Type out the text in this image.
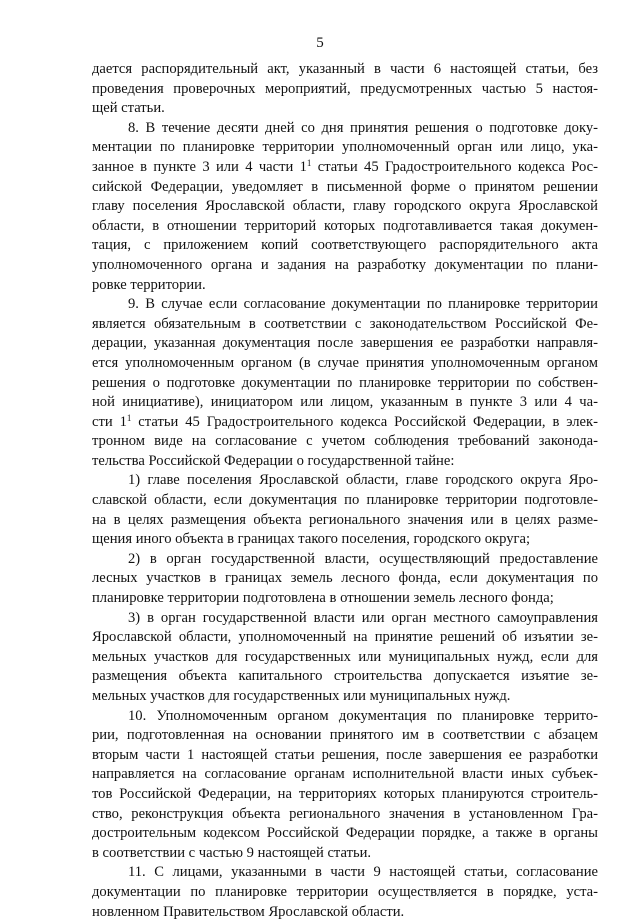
5
дается распорядительный акт, указанный в части 6 настоящей статьи, без
проведения проверочных мероприятий, предусмотренных частью 5 настоя-
щей статьи.
8. В течение десяти дней со дня принятия решения о подготовке доку-
ментации по планировке территории уполномоченный орган или лицо, ука-
занное в пункте 3 или 4 части $1^1$ статьи 45 Градостроительного кодекса Рос-
сийской Федерации, уведомляет в письменной форме о принятом решении
главу поселения Ярославской области, главу городского округа Ярославской
области, в отношении территорий которых подготавливается такая докумен-
тация, с приложением копий соответствующего распорядительного акта
уполномоченного органа и задания на разработку документации по плани-
ровке территории.
9. В случае если согласование документации по планировке территории
является обязательным в соответствии с законодательством Российской Фе-
дерации, указанная документация после завершения ее разработки направля-
ется уполномоченным органом (в случае принятия уполномоченным органом
решения о подготовке документации по планировке территории по собствен-
ной инициативе), инициатором или лицом, указанным в пункте 3 или 4 ча-
сти $1^1$ статьи 45 Градостроительного кодекса Российской Федерации, в элек-
тронном виде на согласование с учетом соблюдения требований законода-
тельства Российской Федерации о государственной тайне:
1) главе поселения Ярославской области, главе городского округа Яро-
славской области, если документация по планировке территории подготовле-
на в целях размещения объекта регионального значения или в целях разме-
щения иного объекта в границах такого поселения, городского округа;
2) в орган государственной власти, осуществляющий предоставление
лесных участков в границах земель лесного фонда, если документация по
планировке территории подготовлена в отношении земель лесного фонда;
3) в орган государственной власти или орган местного самоуправления
Ярославской области, уполномоченный на принятие решений об изъятии зе-
мельных участков для государственных или муниципальных нужд, если для
размещения объекта капитального строительства допускается изъятие зе-
мельных участков для государственных или муниципальных нужд.
10. Уполномоченным органом документация по планировке террито-
рии, подготовленная на основании принятого им в соответствии с абзацем
вторым части 1 настоящей статьи решения, после завершения ее разработки
направляется на согласование органам исполнительной власти иных субъек-
тов Российской Федерации, на территориях которых планируются строитель-
ство, реконструкция объекта регионального значения в установленном Гра-
достроительным кодексом Российской Федерации порядке, а также в органы
в соответствии с частью 9 настоящей статьи.
11. С лицами, указанными в части 9 настоящей статьи, согласование
документации по планировке территории осуществляется в порядке, уста-
новленном Правительством Ярославской области.
